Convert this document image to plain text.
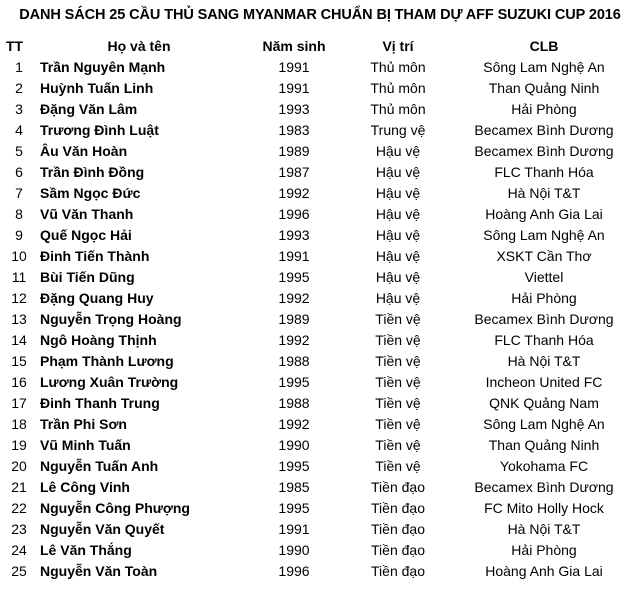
DANH SÁCH 25 CẦU THỦ SANG MYANMAR CHUẨN BỊ THAM DỰ AFF SUZUKI CUP 2016
TT	Họ và tên	Năm sinh	Vị trí	CLB
1	Trần Nguyên Mạnh	1991	Thủ môn	Sông Lam Nghệ An
2	Huỳnh Tuấn Linh	1991	Thủ môn	Than Quảng Ninh
3	Đặng Văn Lâm	1993	Thủ môn	Hải Phòng
4	Trương Đình Luật	1983	Trung vệ	Becamex Bình Dương
5	Âu Văn Hoàn	1989	Hậu vệ	Becamex Bình Dương
6	Trần Đình Đồng	1987	Hậu vệ	FLC Thanh Hóa
7	Sầm Ngọc Đức	1992	Hậu vệ	Hà Nội T&T
8	Vũ Văn Thanh	1996	Hậu vệ	Hoàng Anh Gia Lai
9	Quế Ngọc Hải	1993	Hậu vệ	Sông Lam Nghệ An
10	Đinh Tiến Thành	1991	Hậu vệ	XSKT Cần Thơ
11	Bùi Tiến Dũng	1995	Hậu vệ	Viettel
12	Đặng Quang Huy	1992	Hậu vệ	Hải Phòng
13	Nguyễn Trọng Hoàng	1989	Tiền vệ	Becamex Bình Dương
14	Ngô Hoàng Thịnh	1992	Tiền vệ	FLC Thanh Hóa
15	Phạm Thành Lương	1988	Tiền vệ	Hà Nội T&T
16	Lương Xuân Trường	1995	Tiền vệ	Incheon United FC
17	Đinh Thanh Trung	1988	Tiền vệ	QNK Quảng Nam
18	Trần Phi Sơn	1992	Tiền vệ	Sông Lam Nghệ An
19	Vũ Minh Tuấn	1990	Tiền vệ	Than Quảng Ninh
20	Nguyễn Tuấn Anh	1995	Tiền vệ	Yokohama FC
21	Lê Công Vinh	1985	Tiền đạo	Becamex Bình Dương
22	Nguyễn Công Phượng	1995	Tiền đạo	FC Mito Holly Hock
23	Nguyễn Văn Quyết	1991	Tiền đạo	Hà Nội T&T
24	Lê Văn Thắng	1990	Tiền đạo	Hải Phòng
25	Nguyễn Văn Toàn	1996	Tiền đạo	Hoàng Anh Gia Lai
